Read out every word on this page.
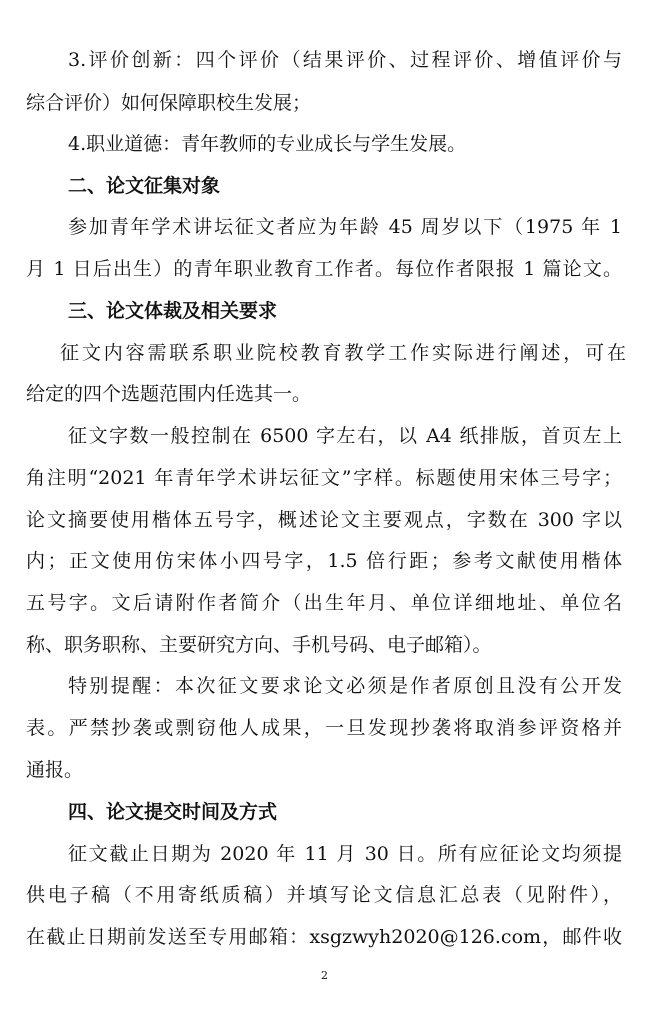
3.评价创新：四个评价（结果评价、过程评价、增值评价与
综合评价）如何保障职校生发展；
4.职业道德：青年教师的专业成长与学生发展。
二、论文征集对象
参加青年学术讲坛征文者应为年龄 45 周岁以下（1975 年 1
月 1 日后出生）的青年职业教育工作者。每位作者限报 1 篇论文。
三、论文体裁及相关要求
征文内容需联系职业院校教育教学工作实际进行阐述，可在
给定的四个选题范围内任选其一。
征文字数一般控制在 6500 字左右，以 A4 纸排版，首页左上
角注明“2021 年青年学术讲坛征文”字样。标题使用宋体三号字；
论文摘要使用楷体五号字，概述论文主要观点，字数在 300 字以
内；正文使用仿宋体小四号字，1.5 倍行距；参考文献使用楷体
五号字。文后请附作者简介（出生年月、单位详细地址、单位名
称、职务职称、主要研究方向、手机号码、电子邮箱）。
特别提醒：本次征文要求论文必须是作者原创且没有公开发
表。严禁抄袭或剽窃他人成果，一旦发现抄袭将取消参评资格并
通报。
四、论文提交时间及方式
征文截止日期为 2020 年 11 月 30 日。所有应征论文均须提
供电子稿（不用寄纸质稿）并填写论文信息汇总表（见附件），
在截止日期前发送至专用邮箱：xsgzwyh2020@126.com，邮件收
2
